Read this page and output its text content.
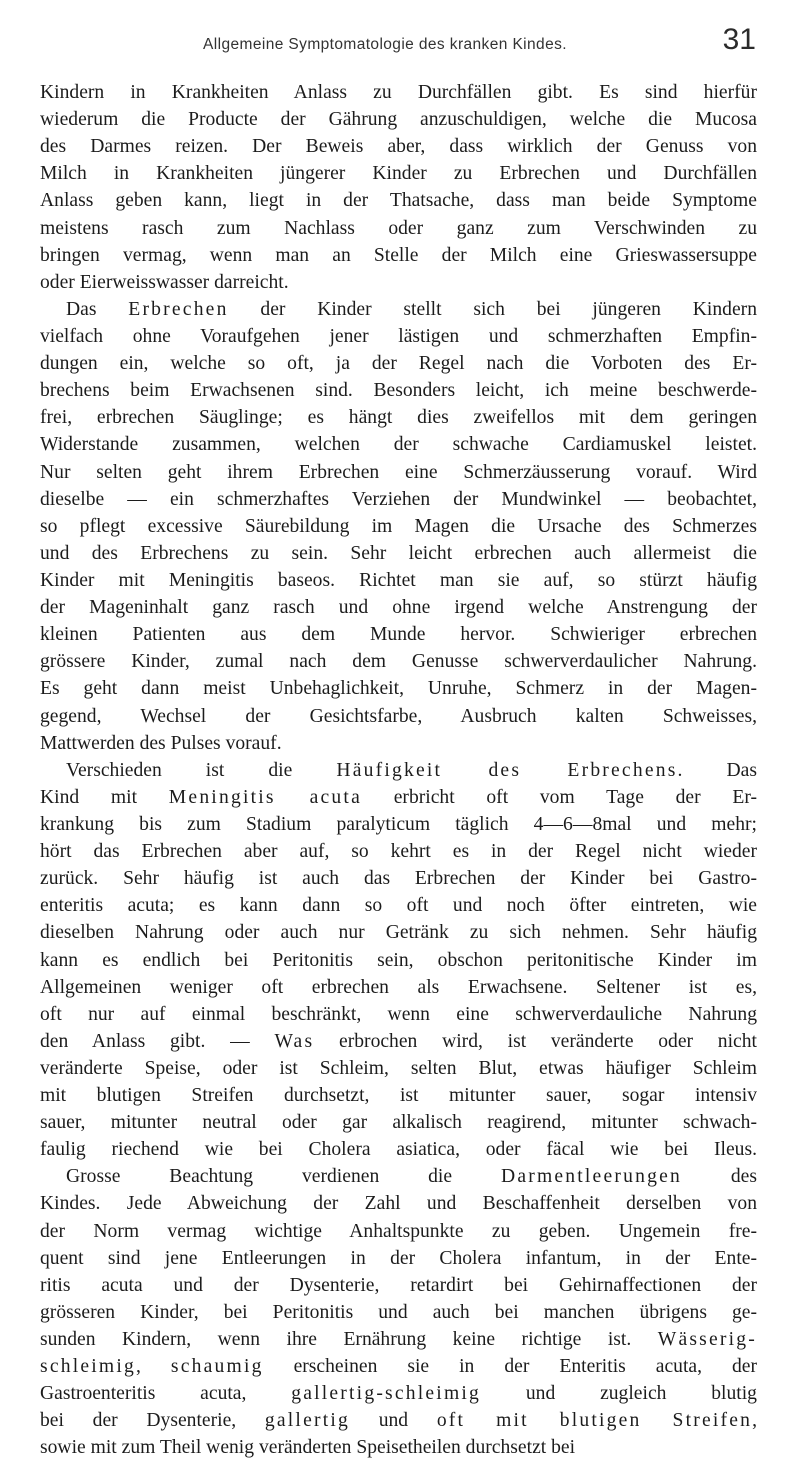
Allgemeine Symptomatologie des kranken Kindes.	31
Kindern in Krankheiten Anlass zu Durchfällen gibt. Es sind hierfür
wiederum die Producte der Gährung anzuschuldigen, welche die Mucosa
des Darmes reizen. Der Beweis aber, dass wirklich der Genuss von
Milch in Krankheiten jüngerer Kinder zu Erbrechen und Durchfällen
Anlass geben kann, liegt in der Thatsache, dass man beide Symptome
meistens rasch zum Nachlass oder ganz zum Verschwinden zu
bringen vermag, wenn man an Stelle der Milch eine Grieswassersuppe
oder Eierweisswasser darreicht.
Das Erbrechen der Kinder stellt sich bei jüngeren Kindern
vielfach ohne Voraufgehen jener lästigen und schmerzhaften Empfin-
dungen ein, welche so oft, ja der Regel nach die Vorboten des Er-
brechens beim Erwachsenen sind. Besonders leicht, ich meine beschwerde-
frei, erbrechen Säuglinge; es hängt dies zweifellos mit dem geringen
Widerstande zusammen, welchen der schwache Cardiamuskel leistet.
Nur selten geht ihrem Erbrechen eine Schmerzäusserung vorauf. Wird
dieselbe — ein schmerzhaftes Verziehen der Mundwinkel — beobachtet,
so pflegt excessive Säurebildung im Magen die Ursache des Schmerzes
und des Erbrechens zu sein. Sehr leicht erbrechen auch allermeist die
Kinder mit Meningitis baseos. Richtet man sie auf, so stürzt häufig
der Mageninhalt ganz rasch und ohne irgend welche Anstrengung der
kleinen Patienten aus dem Munde hervor. Schwieriger erbrechen
grössere Kinder, zumal nach dem Genusse schwerverdaulicher Nahrung.
Es geht dann meist Unbehaglichkeit, Unruhe, Schmerz in der Magen-
gegend, Wechsel der Gesichtsfarbe, Ausbruch kalten Schweisses,
Mattwerden des Pulses vorauf.
Verschieden ist die Häufigkeit des Erbrechens. Das
Kind mit Meningitis acuta erbricht oft vom Tage der Er-
krankung bis zum Stadium paralyticum täglich 4—6—8mal und mehr;
hört das Erbrechen aber auf, so kehrt es in der Regel nicht wieder
zurück. Sehr häufig ist auch das Erbrechen der Kinder bei Gastro-
enteritis acuta; es kann dann so oft und noch öfter eintreten, wie
dieselben Nahrung oder auch nur Getränk zu sich nehmen. Sehr häufig
kann es endlich bei Peritonitis sein, obschon peritonitische Kinder im
Allgemeinen weniger oft erbrechen als Erwachsene. Seltener ist es,
oft nur auf einmal beschränkt, wenn eine schwerverdauliche Nahrung
den Anlass gibt. — Was erbrochen wird, ist veränderte oder nicht
veränderte Speise, oder ist Schleim, selten Blut, etwas häufiger Schleim
mit blutigen Streifen durchsetzt, ist mitunter sauer, sogar intensiv
sauer, mitunter neutral oder gar alkalisch reagirend, mitunter schwach-
faulig riechend wie bei Cholera asiatica, oder fäcal wie bei Ileus.
Grosse Beachtung verdienen die Darmentleerungen des
Kindes. Jede Abweichung der Zahl und Beschaffenheit derselben von
der Norm vermag wichtige Anhaltspunkte zu geben. Ungemein fre-
quent sind jene Entleerungen in der Cholera infantum, in der Ente-
ritis acuta und der Dysenterie, retardirt bei Gehirnaffectionen der
grösseren Kinder, bei Peritonitis und auch bei manchen übrigens ge-
sunden Kindern, wenn ihre Ernährung keine richtige ist. Wässerig-
schleimig, schaumig erscheinen sie in der Enteritis acuta, der
Gastroenteritis acuta, gallertig-schleimig und zugleich blutig
bei der Dysenterie, gallertig und oft mit blutigen Streifen,
sowie mit zum Theil wenig veränderten Speisetheilen durchsetzt bei
